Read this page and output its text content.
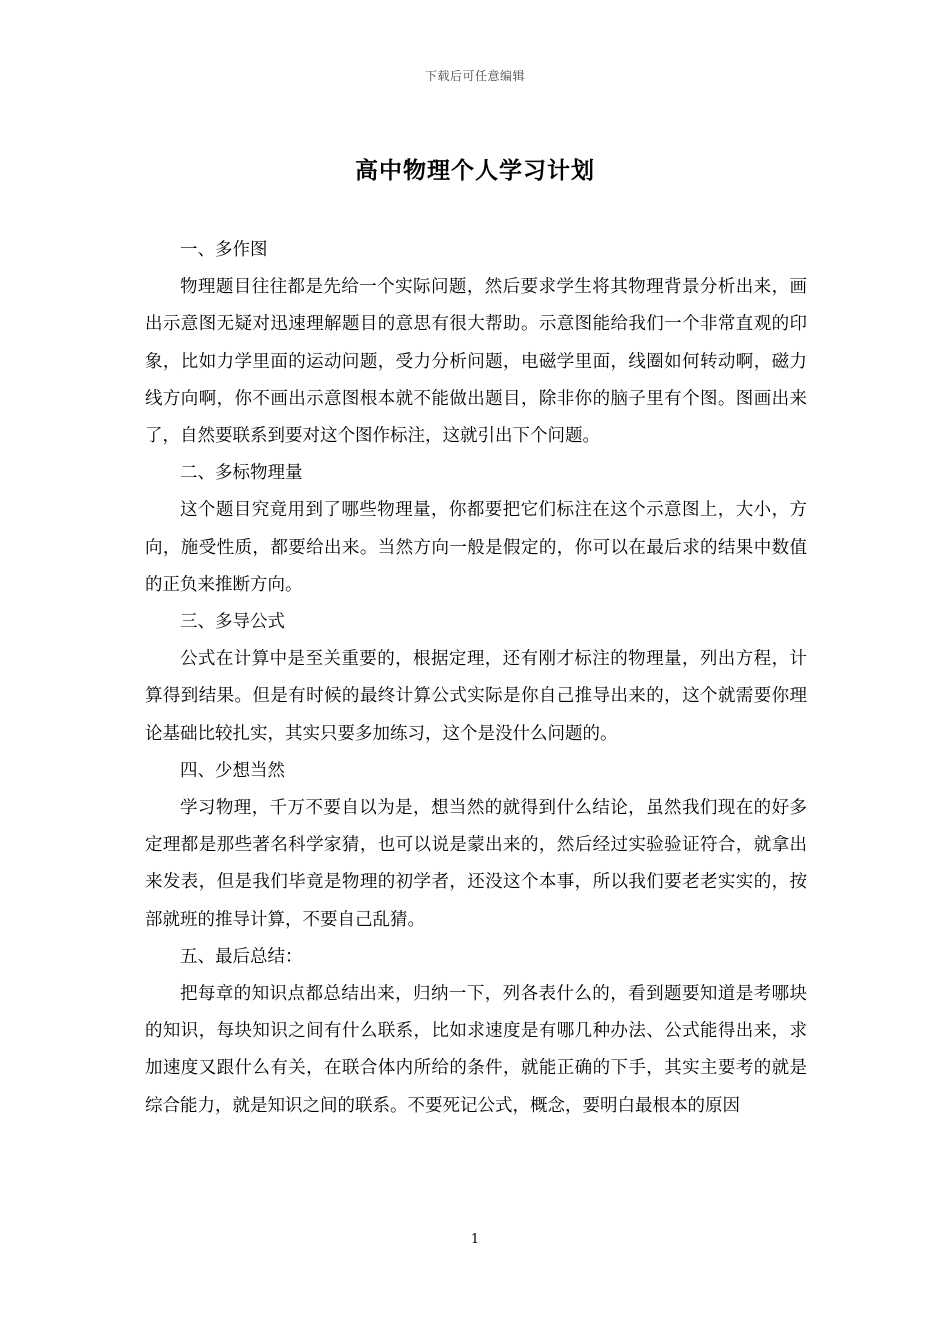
下载后可任意编辑
高中物理个人学习计划

一、多作图

物理题目往往都是先给一个实际问题，然后要求学生将其物理背景分析出来，画出示意图无疑对迅速理解题目的意思有很大帮助。示意图能给我们一个非常直观的印象，比如力学里面的运动问题，受力分析问题，电磁学里面，线圈如何转动啊，磁力线方向啊，你不画出示意图根本就不能做出题目，除非你的脑子里有个图。图画出来了，自然要联系到要对这个图作标注，这就引出下个问题。

二、多标物理量

这个题目究竟用到了哪些物理量，你都要把它们标注在这个示意图上，大小，方向，施受性质，都要给出来。当然方向一般是假定的，你可以在最后求的结果中数值的正负来推断方向。

三、多导公式

公式在计算中是至关重要的，根据定理，还有刚才标注的物理量，列出方程，计算得到结果。但是有时候的最终计算公式实际是你自己推导出来的，这个就需要你理论基础比较扎实，其实只要多加练习，这个是没什么问题的。

四、少想当然

学习物理，千万不要自以为是，想当然的就得到什么结论，虽然我们现在的好多定理都是那些著名科学家猜，也可以说是蒙出来的，然后经过实验验证符合，就拿出来发表，但是我们毕竟是物理的初学者，还没这个本事，所以我们要老老实实的，按部就班的推导计算，不要自己乱猜。

五、最后总结：

把每章的知识点都总结出来，归纳一下，列各表什么的，看到题要知道是考哪块的知识，每块知识之间有什么联系，比如求速度是有哪几种办法、公式能得出来，求加速度又跟什么有关，在联合体内所给的条件，就能正确的下手，其实主要考的就是综合能力，就是知识之间的联系。不要死记公式，概念，要明白最根本的原因

1
